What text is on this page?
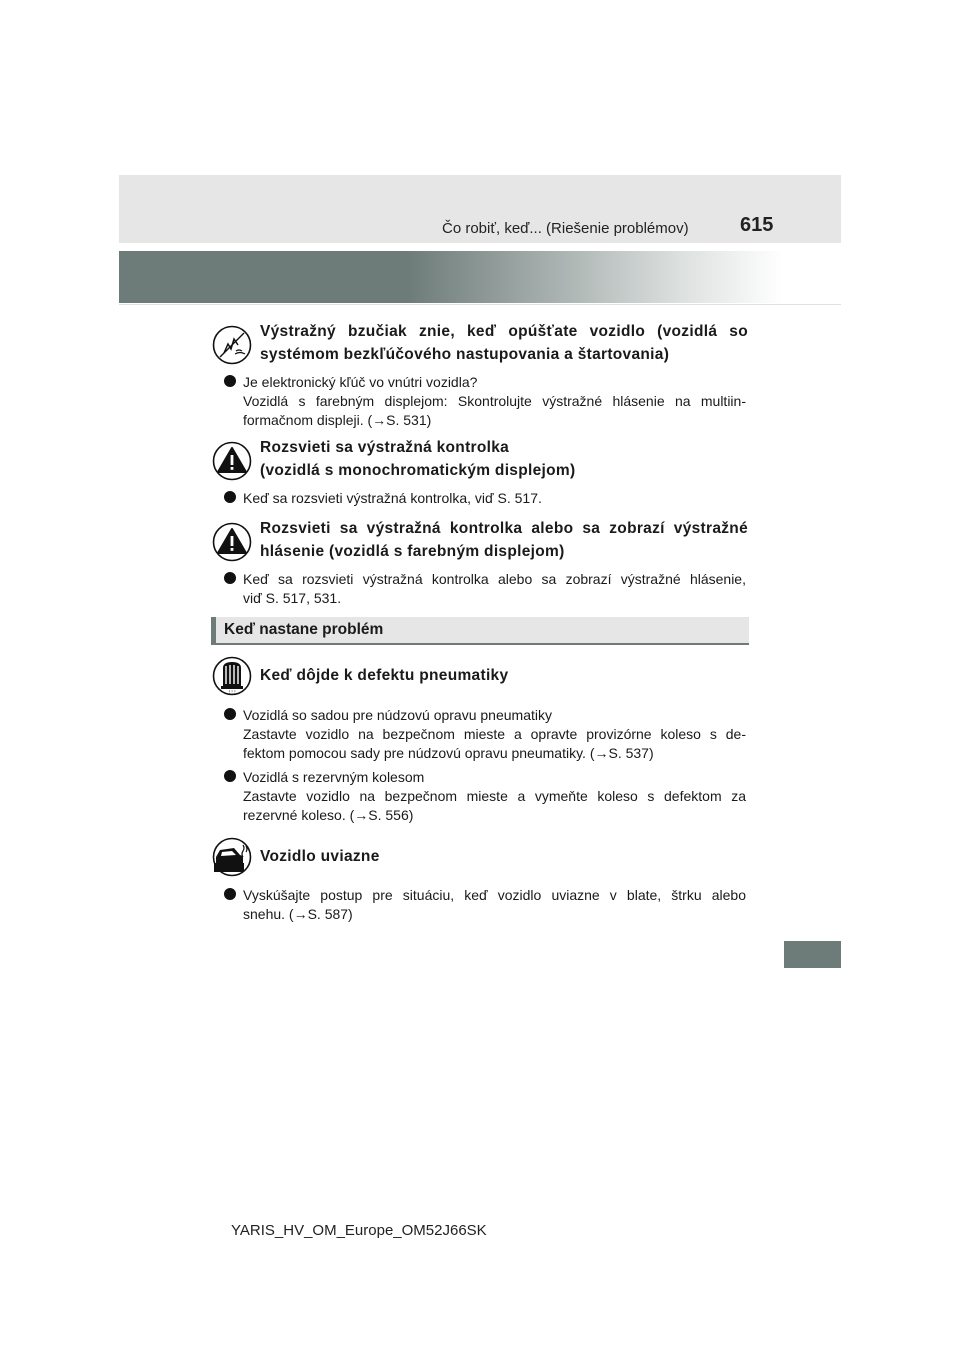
Čo robiť, keď... (Riešenie problémov)	615
Výstražný bzučiak znie, keď opúšťate vozidlo (vozidlá so
systémom bezkľúčového nastupovania a štartovania)
Je elektronický kľúč vo vnútri vozidla?
Vozidlá s farebným displejom: Skontrolujte výstražné hlásenie na multiin-
formačnom displeji. (→S. 531)
Rozsvieti sa výstražná kontrolka
(vozidlá s monochromatickým displejom)
Keď sa rozsvieti výstražná kontrolka, viď S. 517.
Rozsvieti sa výstražná kontrolka alebo sa zobrazí výstražné
hlásenie (vozidlá s farebným displejom)
Keď sa rozsvieti výstražná kontrolka alebo sa zobrazí výstražné hlásenie,
viď S. 517, 531.
Keď nastane problém
! ! !
Keď dôjde k defektu pneumatiky
Vozidlá so sadou pre núdzovú opravu pneumatiky
Zastavte vozidlo na bezpečnom mieste a opravte provizórne koleso s de-
fektom pomocou sady pre núdzovú opravu pneumatiky. (→S. 537)
Vozidlá s rezervným kolesom
Zastavte vozidlo na bezpečnom mieste a vymeňte koleso s defektom za
rezervné koleso. (→S. 556)
Vozidlo uviazne
Vyskúšajte postup pre situáciu, keď vozidlo uviazne v blate, štrku alebo
snehu. (→S. 587)
YARIS_HV_OM_Europe_OM52J66SK
